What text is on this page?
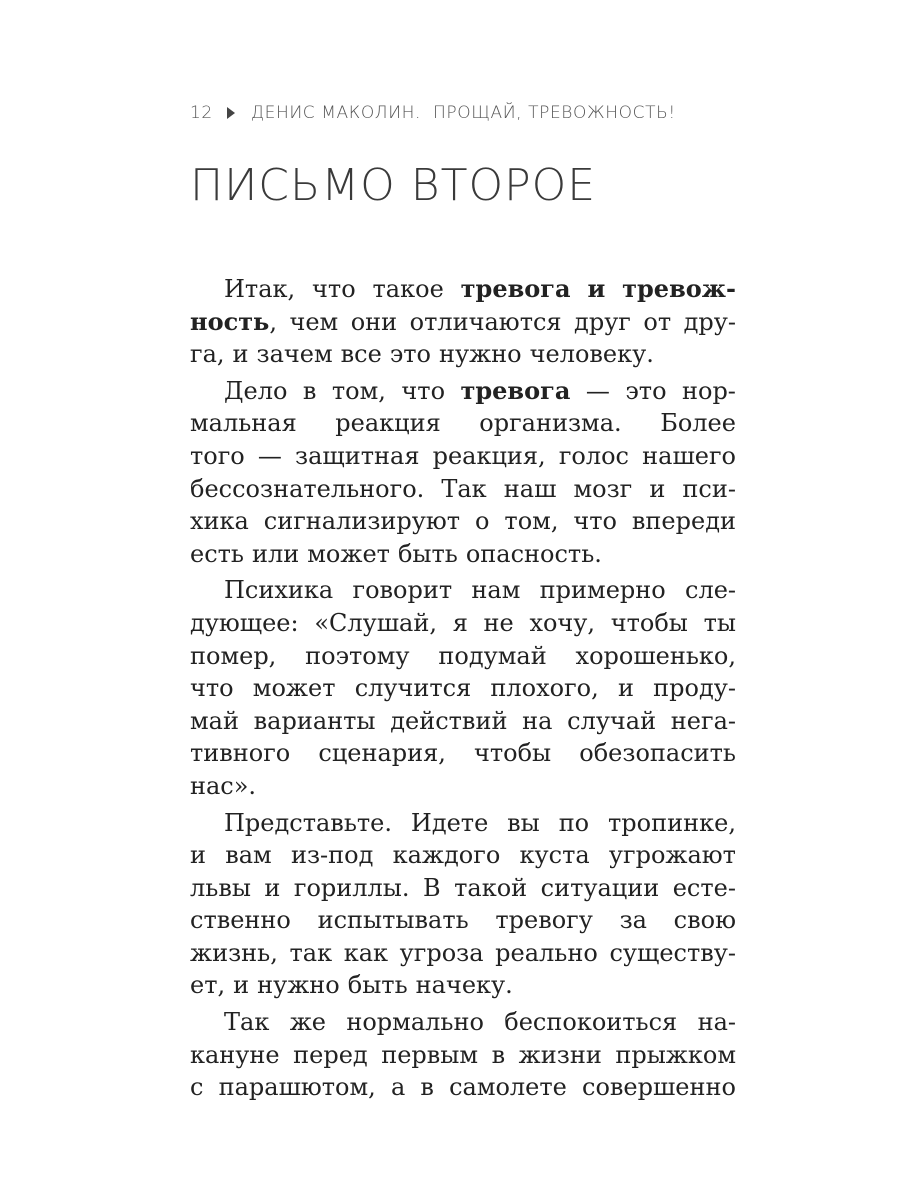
12 ДЕНИС МАКОЛИН .
ПРОЩАЙ, ТРЕВОЖНОСТЬ!
ПИСЬМО ВТОРОЕ
Итак, что такое тревога и тревож-
ность, чем они отличаются друг от дру-
га, и зачем все это нужно человеку.
Дело в том, что тревога — это нор-
мальная реакция организма. Более
того — защитная реакция, голос нашего
бессознательного. Так наш мозг и пси-
хика сигнализируют о том, что впереди
есть или может быть опасность.
Психика говорит нам примерно сле-
дующее: «Слушай, я не хочу, чтобы ты
помер, поэтому подумай хорошенько,
что может случится плохого, и проду-
май варианты действий на случай нега-
тивного сценария, чтобы обезопасить
нас».
Представьте. Идете вы по тропинке,
и вам из-под каждого куста угрожают
львы и гориллы. В такой ситуации есте-
ственно испытывать тревогу за свою
жизнь, так как угроза реально существу-
ет, и нужно быть начеку.
Так же нормально беспокоиться на-
кануне перед первым в жизни прыжком
с парашютом, а в самолете совершенно
